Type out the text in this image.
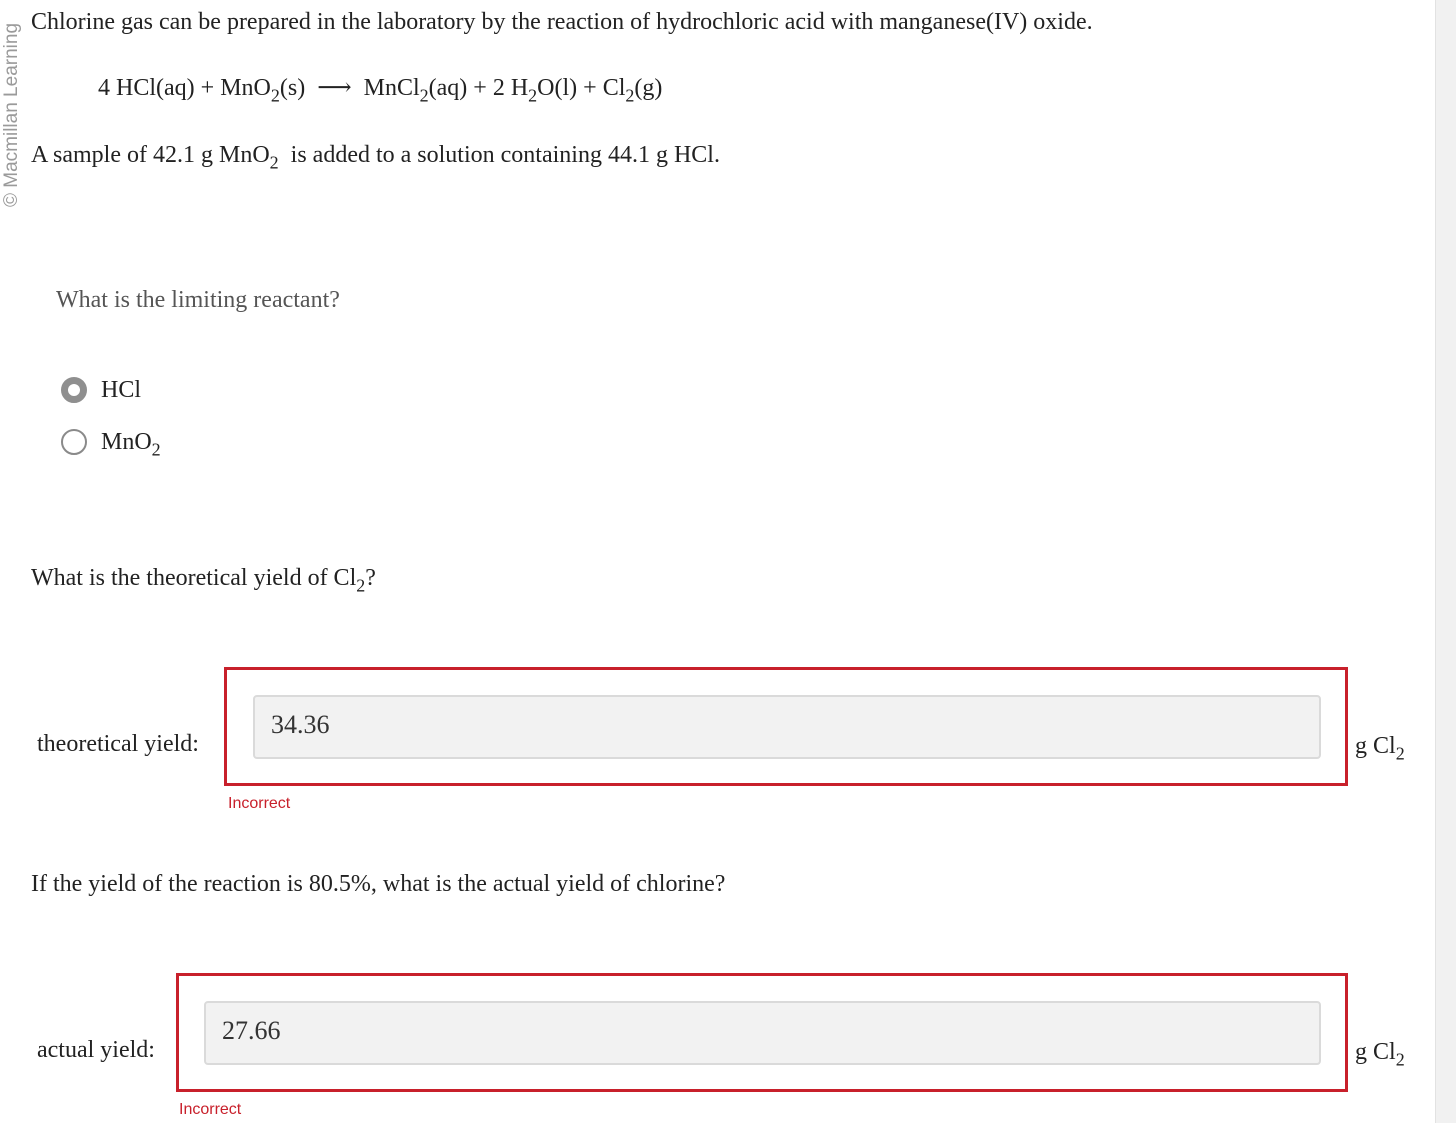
© Macmillan Learning
Chlorine gas can be prepared in the laboratory by the reaction of hydrochloric acid with manganese(IV) oxide.
4 HCl(aq) + MnO$_2$(s) ⟶ MnCl$_2$(aq) + 2 $H_2O(l) + Cl_2(g)$
A sample of 42.1 g MnO$_2$ is added to a solution containing 44.1 g HCl.
What is the limiting reactant?
HCl
MnO$_2$
What is the theoretical yield of $Cl_2$?
theoretical yield:
34.36
g $Cl_2$
Incorrect
If the yield of the reaction is 80.5%, what is the actual yield of chlorine?
actual yield:
27.66
g $Cl_2$
Incorrect
